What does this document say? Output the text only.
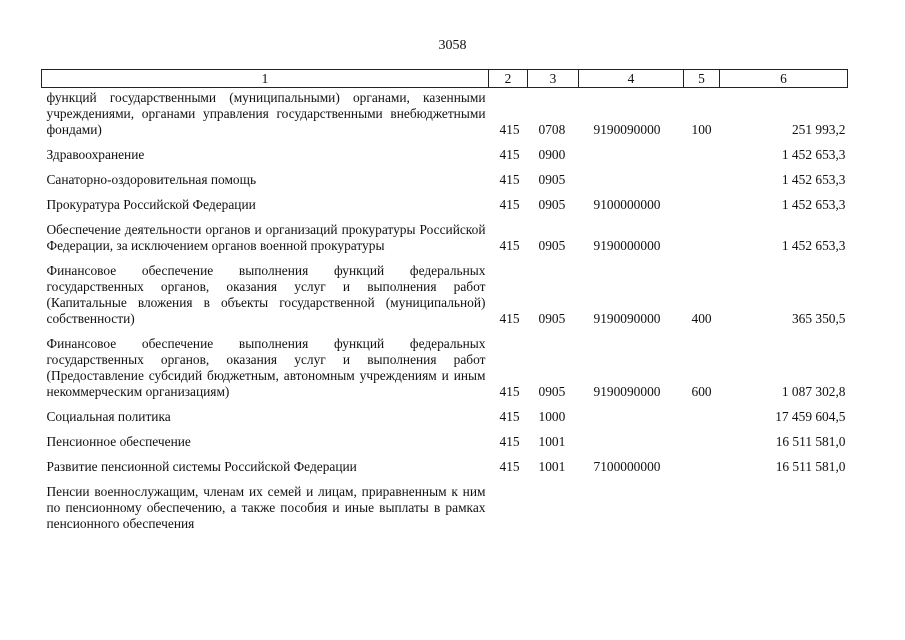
3058
1	2	3	4	5	6
функций государственными (муниципальными) органами, казенными учреждениями, органами управления государственными внебюджетными фондами)	415	0708	9190090000	100	251 993,2
Здравоохранение	415	0900			1 452 653,3
Санаторно-оздоровительная помощь	415	0905			1 452 653,3
Прокуратура Российской Федерации	415	0905	9100000000		1 452 653,3
Обеспечение деятельности органов и организаций прокуратуры Российской Федерации, за исключением органов военной прокуратуры	415	0905	9190000000		1 452 653,3
Финансовое обеспечение выполнения функций федеральных государственных органов, оказания услуг и выполнения работ (Капитальные вложения в объекты государственной (муниципальной) собственности)	415	0905	9190090000	400	365 350,5
Финансовое обеспечение выполнения функций федеральных государственных органов, оказания услуг и выполнения работ (Предоставление субсидий бюджетным, автономным учреждениям и иным некоммерческим организациям)	415	0905	9190090000	600	1 087 302,8
Социальная политика	415	1000			17 459 604,5
Пенсионное обеспечение	415	1001			16 511 581,0
Развитие пенсионной системы Российской Федерации	415	1001	7100000000		16 511 581,0
Пенсии военнослужащим, членам их семей и лицам, приравненным к ним по пенсионному обеспечению, а также пособия и иные выплаты в рамках пенсионного обеспечения					
